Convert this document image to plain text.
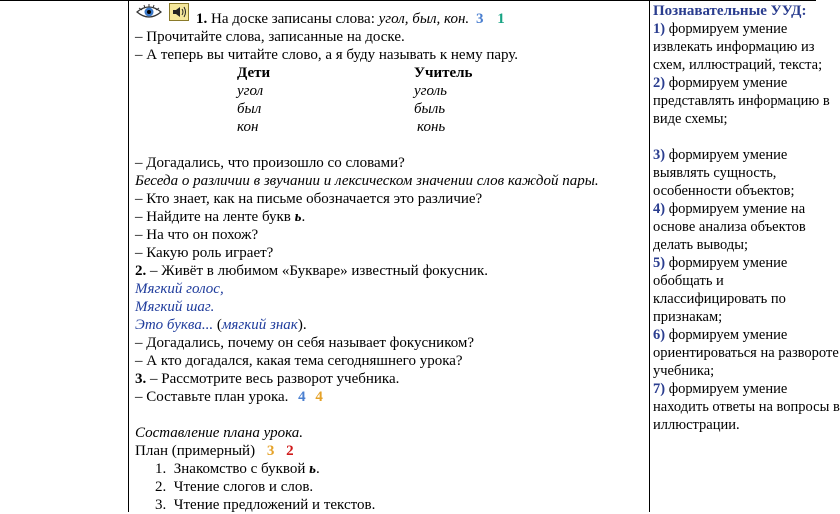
1. На доске записаны слова: угол, был, кон. 3 1
– Прочитайте слова, записанные на доске.
– А теперь вы читайте слово, а я буду называть к нему пару.
Дети	Учитель
угол	уголь
был	быль
кон	конь
– Догадались, что произошло со словами?
Беседа о различии в звучании и лексическом значении слов каждой пары.
– Кто знает, как на письме обозначается это различие?
– Найдите на ленте букв ь.
– На что он похож?
– Какую роль играет?
2. – Живёт в любимом «Букваре» известный фокусник.
Мягкий голос,
Мягкий шаг.
Это буква... (мягкий знак).
– Догадались, почему он себя называет фокусником?
– А кто догадался, какая тема сегодняшнего урока?
3. – Рассмотрите весь разворот учебника.
– Составьте план урока. 4 4
Составление плана урока.
План (примерный) 3 2
1. Знакомство с буквой ь.
2. Чтение слогов и слов.
3. Чтение предложений и текстов.
Познавательные УУД:
1) формируем умение
извлекать информацию из
схем, иллюстраций, текста;
2) формируем умение
представлять информацию в
виде схемы;
3) формируем умение
выявлять сущность,
особенности объектов;
4) формируем умение на
основе анализа объектов
делать выводы;
5) формируем умение
обобщать и
классифицировать по
признакам;
6) формируем умение
ориентироваться на развороте
учебника;
7) формируем умение
находить ответы на вопросы в
иллюстрации.
